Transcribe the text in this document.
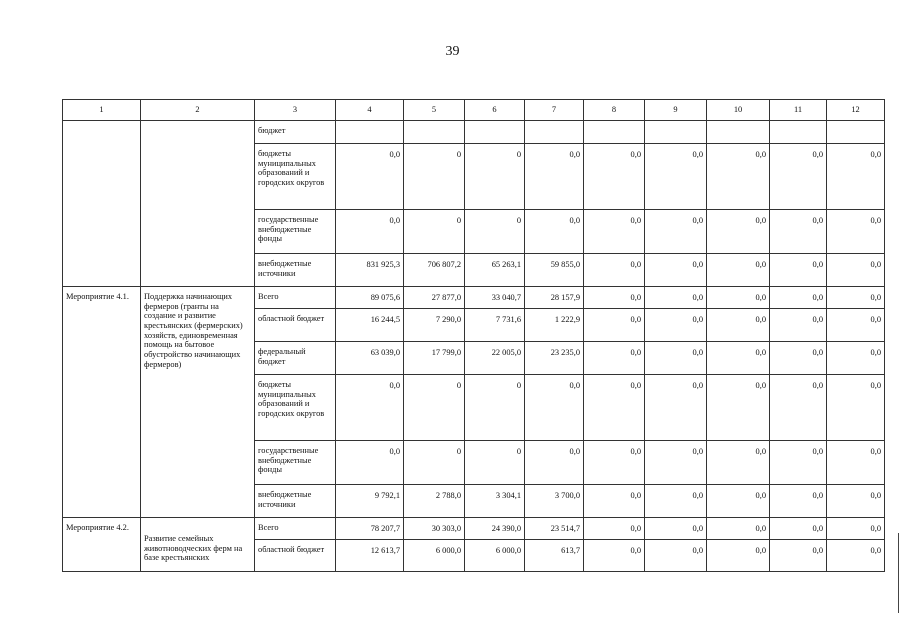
39
1	2	3	4	5	6	7	8	9	10	11	12
		бюджет									
		бюджеты муниципальных образований и городских округов	0,0	0	0	0,0	0,0	0,0	0,0	0,0	0,0
		государственные внебюджетные фонды	0,0	0	0	0,0	0,0	0,0	0,0	0,0	0,0
		внебюджетные источники	831 925,3	706 807,2	65 263,1	59 855,0	0,0	0,0	0,0	0,0	0,0
Мероприятие 4.1.	Поддержка начинающих фермеров (гранты на создание и развитие крестьянских (фермерских) хозяйств, единовременная помощь на бытовое обустройство начинающих фермеров)	Всего	89 075,6	27 877,0	33 040,7	28 157,9	0,0	0,0	0,0	0,0	0,0
		областной бюджет	16 244,5	7 290,0	7 731,6	1 222,9	0,0	0,0	0,0	0,0	0,0
		федеральный бюджет	63 039,0	17 799,0	22 005,0	23 235,0	0,0	0,0	0,0	0,0	0,0
		бюджеты муниципальных образований и городских округов	0,0	0	0	0,0	0,0	0,0	0,0	0,0	0,0
		государственные внебюджетные фонды	0,0	0	0	0,0	0,0	0,0	0,0	0,0	0,0
		внебюджетные источники	9 792,1	2 788,0	3 304,1	3 700,0	0,0	0,0	0,0	0,0	0,0
Мероприятие 4.2.	Развитие семейных животноводческих ферм на базе крестьянских	Всего	78 207,7	30 303,0	24 390,0	23 514,7	0,0	0,0	0,0	0,0	0,0
		областной бюджет	12 613,7	6 000,0	6 000,0	613,7	0,0	0,0	0,0	0,0	0,0
